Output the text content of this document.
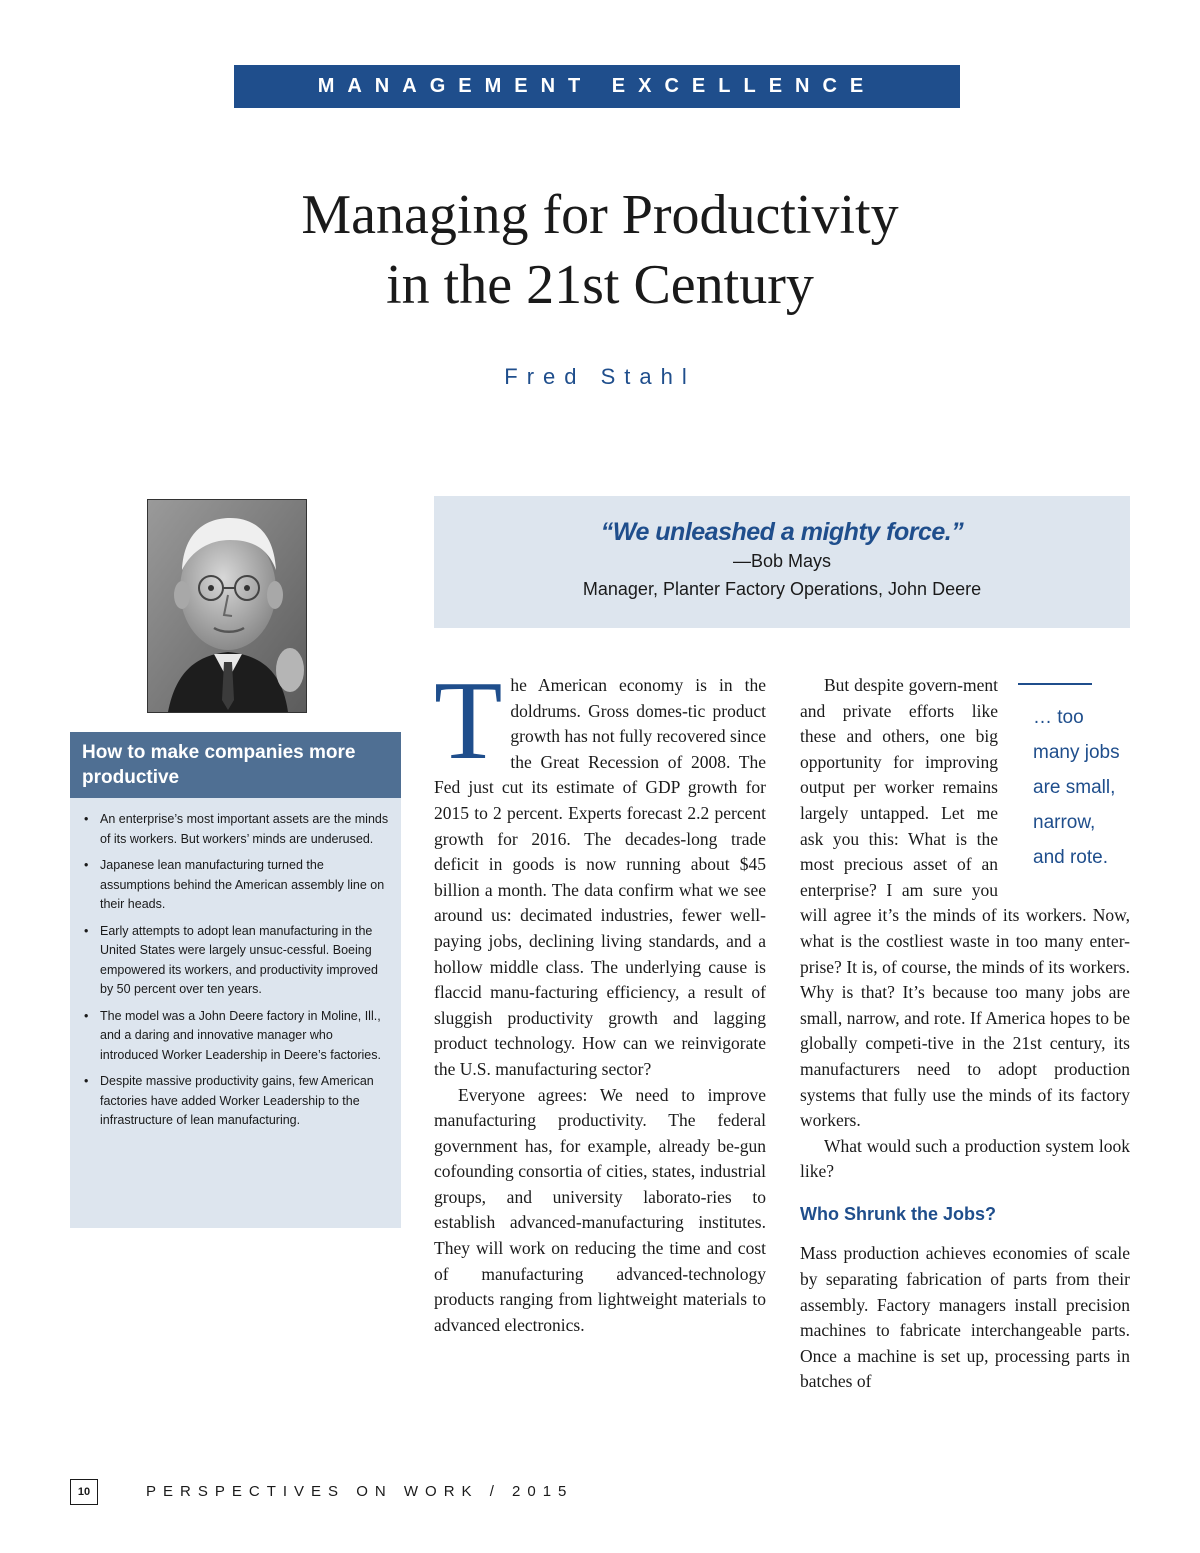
MANAGEMENT EXCELLENCE
Managing for Productivity
in the 21st Century
Fred Stahl
How to make companies more productive
• An enterprise’s most important assets are the minds of its workers. But workers’ minds are underused.
• Japanese lean manufacturing turned the assumptions behind the American assembly line on their heads.
• Early attempts to adopt lean manufacturing in the United States were largely unsuc-cessful. Boeing empowered its workers, and productivity improved by 50 percent over ten years.
• The model was a John Deere factory in Moline, Ill., and a daring and innovative manager who introduced Worker Leadership in Deere’s factories.
• Despite massive productivity gains, few American factories have added Worker Leadership to the infrastructure of lean manufacturing.
“We unleashed a mighty force.”
—Bob Mays
Manager, Planter Factory Operations, John Deere

The American economy is in the doldrums. Gross domes-tic product growth has not fully recovered since the Great Recession of 2008. The Fed just cut its estimate of GDP growth for 2015 to 2 percent. Experts forecast 2.2 percent growth for 2016. The decades-long trade deficit in goods is now running about $45 billion a month. The data confirm what we see around us: decimated industries, fewer well-paying jobs, declining living standards, and a hollow middle class. The underlying cause is flaccid manu-facturing efficiency, a result of sluggish productivity growth and lagging product technology. How can we reinvigorate the U.S. manufacturing sector?

Everyone agrees: We need to improve manufacturing productivity. The federal government has, for example, already be-gun cofounding consortia of cities, states, industrial groups, and university laborato-ries to establish advanced-manufacturing institutes. They will work on reducing the time and cost of manufacturing advanced-technology products ranging from lightweight materials to advanced electronics.

… too many jobs are small, narrow, and rote.

But despite govern-ment and private efforts like these and others, one big opportunity for improving output per worker remains largely untapped. Let me ask you this: What is the most precious asset of an enterprise? I am sure you will agree it’s the minds of its workers. Now, what is the costliest waste in too many enter-prise? It is, of course, the minds of its workers. Why is that? It’s because too many jobs are small, narrow, and rote. If America hopes to be globally competi-tive in the 21st century, its manufacturers need to adopt production systems that fully use the minds of its factory workers.

What would such a production system look like?

Who Shrunk the Jobs?

Mass production achieves economies of scale by separating fabrication of parts from their assembly. Factory managers install precision machines to fabricate interchangeable parts. Once a machine is set up, processing parts in batches of

10	PERSPECTIVES ON WORK / 2015
